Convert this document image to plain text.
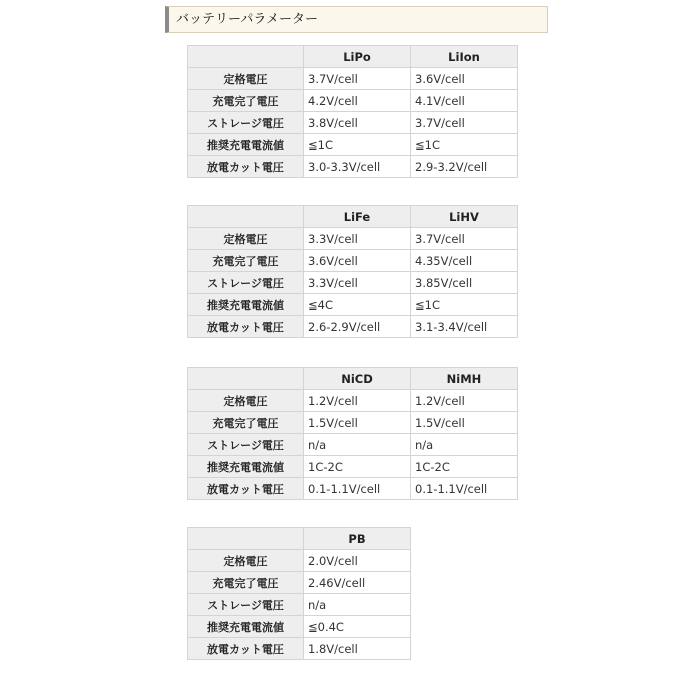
バッテリーパラメーター
	LiPo	LiIon
定格電圧	3.7V/cell	3.6V/cell
充電完了電圧	4.2V/cell	4.1V/cell
ストレージ電圧	3.8V/cell	3.7V/cell
推奨充電電流値	≦1C	≦1C
放電カット電圧	3.0-3.3V/cell	2.9-3.2V/cell
	LiFe	LiHV
定格電圧	3.3V/cell	3.7V/cell
充電完了電圧	3.6V/cell	4.35V/cell
ストレージ電圧	3.3V/cell	3.85V/cell
推奨充電電流値	≦4C	≦1C
放電カット電圧	2.6-2.9V/cell	3.1-3.4V/cell
	NiCD	NiMH
定格電圧	1.2V/cell	1.2V/cell
充電完了電圧	1.5V/cell	1.5V/cell
ストレージ電圧	n/a	n/a
推奨充電電流値	1C-2C	1C-2C
放電カット電圧	0.1-1.1V/cell	0.1-1.1V/cell
	PB
定格電圧	2.0V/cell
充電完了電圧	2.46V/cell
ストレージ電圧	n/a
推奨充電電流値	≦0.4C
放電カット電圧	1.8V/cell
